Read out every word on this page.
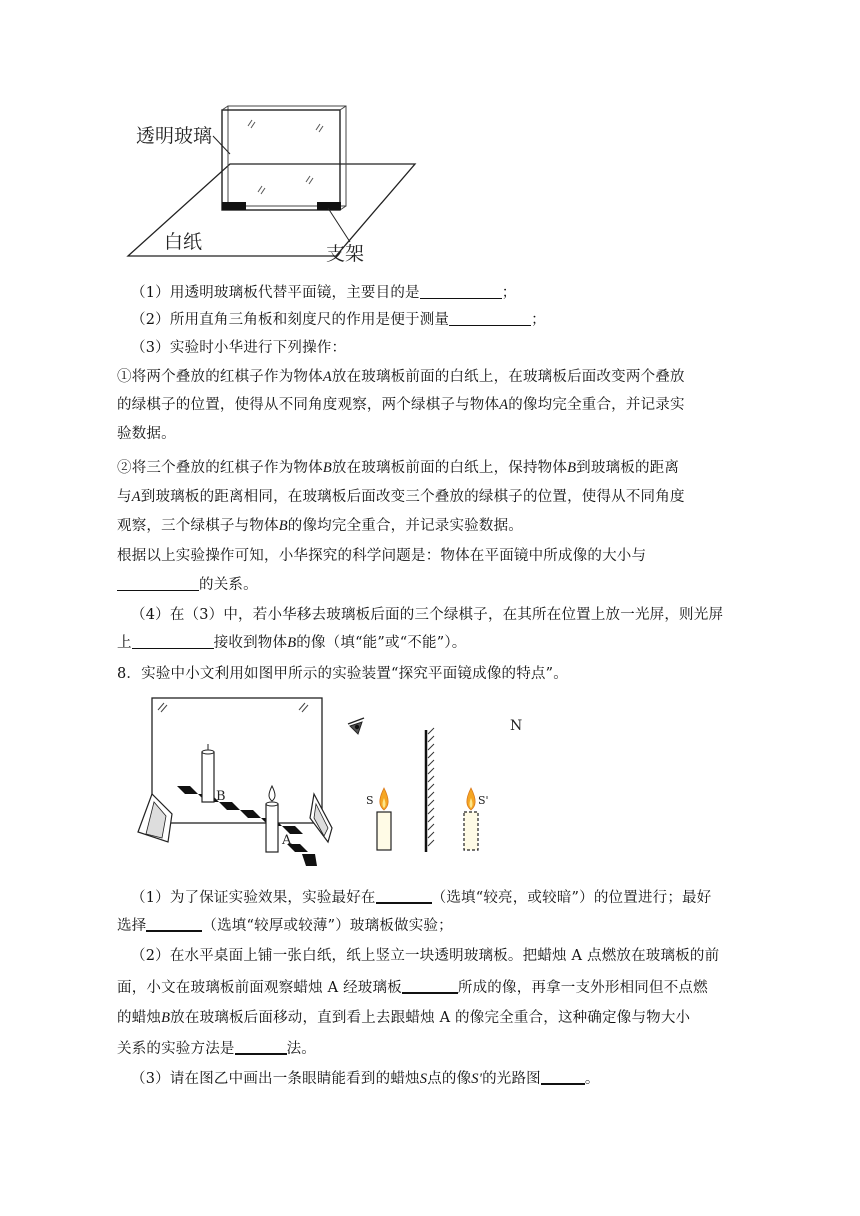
透明玻璃
白纸
支架
（1）用透明玻璃板代替平面镜，主要目的是	；
（2）所用直角三角板和刻度尺的作用是便于测量	；
（3）实验时小华进行下列操作：
①将两个叠放的红棋子作为物体A放在玻璃板前面的白纸上，在玻璃板后面改变两个叠放
的绿棋子的位置，使得从不同角度观察，两个绿棋子与物体A的像均完全重合，并记录实
验数据。
②将三个叠放的红棋子作为物体B放在玻璃板前面的白纸上，保持物体B到玻璃板的距离
与A到玻璃板的距离相同，在玻璃板后面改变三个叠放的绿棋子的位置，使得从不同角度
观察，三个绿棋子与物体B的像均完全重合，并记录实验数据。
根据以上实验操作可知，小华探究的科学问题是：物体在平面镜中所成像的大小与
的关系。
（4）在（3）中，若小华移去玻璃板后面的三个绿棋子，在其所在位置上放一光屏，则光屏
上	接收到物体B的像（填“能”或“不能”）。
8．实验中小文利用如图甲所示的实验装置“探究平面镜成像的特点”。
B
A
N
S	S'
（1）为了保证实验效果，实验最好在	（选填“较亮，或较暗”）的位置进行；最好
选择	（选填“较厚或较薄”）玻璃板做实验；
（2）在水平桌面上铺一张白纸，纸上竖立一块透明玻璃板。把蜡烛 A 点燃放在玻璃板的前
面，小文在玻璃板前面观察蜡烛 A 经玻璃板	所成的像，再拿一支外形相同但不点燃
的蜡烛B放在玻璃板后面移动，直到看上去跟蜡烛 A 的像完全重合，这种确定像与物大小
关系的实验方法是	法。
（3）请在图乙中画出一条眼睛能看到的蜡烛S点的像S'的光路图	。
